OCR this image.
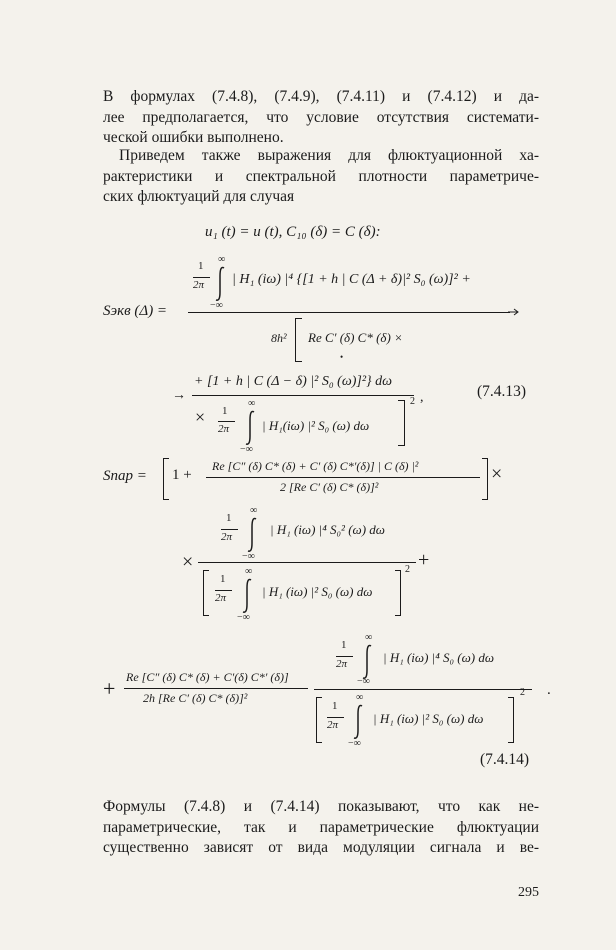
В формулах (7.4.8), (7.4.9), (7.4.11) и (7.4.12) и да-
лее предполагается, что условие отсутствия системати-
ческой ошибки выполнено.
Приведем также выражения для флюктуационной ха-
рактеристики и спектральной плотности параметриче-
ских флюктуаций для случая
u₁ (t) = u (t), C₁₀ (δ) = C (δ):
1
2π
∞
−∞
| H₁ (iω) |⁴ {[1 + h | C (Δ + δ)|² S₀ (ω)]² +
Sэкв (Δ) =
8h² Re C′ (δ) C* (δ) ×
•
→
+ [1 + h | C (Δ − δ) |² S₀ (ω)]²} dω
,	(7.4.13)
× 1
2π
∞
−∞
| H₁(iω) |² S₀ (ω) dω
2
Sпар = 1 +
Re [C″ (δ) C* (δ) + C′ (δ) C*′(δ)] | C (δ) |²
2 [Re C′ (δ) C* (δ)]²
×
1
2π
∞
−∞
| H₁ (iω) |⁴ S₀² (ω) dω
×	+
1
2π
∞
−∞
| H₁ (iω) |² S₀ (ω) dω
2
+ Re [C″ (δ) C* (δ) + C′(δ) C*′ (δ)]
2h [Re C′ (δ) C* (δ)]²
1
2π
∞
−∞
| H₁ (iω) |⁴ S₀ (ω) dω
.
1
2π
∞
−∞
| H₁ (iω) |² S₀ (ω) dω
2
(7.4.14)
Формулы (7.4.8) и (7.4.14) показывают, что как не-
параметрические, так и параметрические флюктуации
существенно зависят от вида модуляции сигнала и ве-
295
